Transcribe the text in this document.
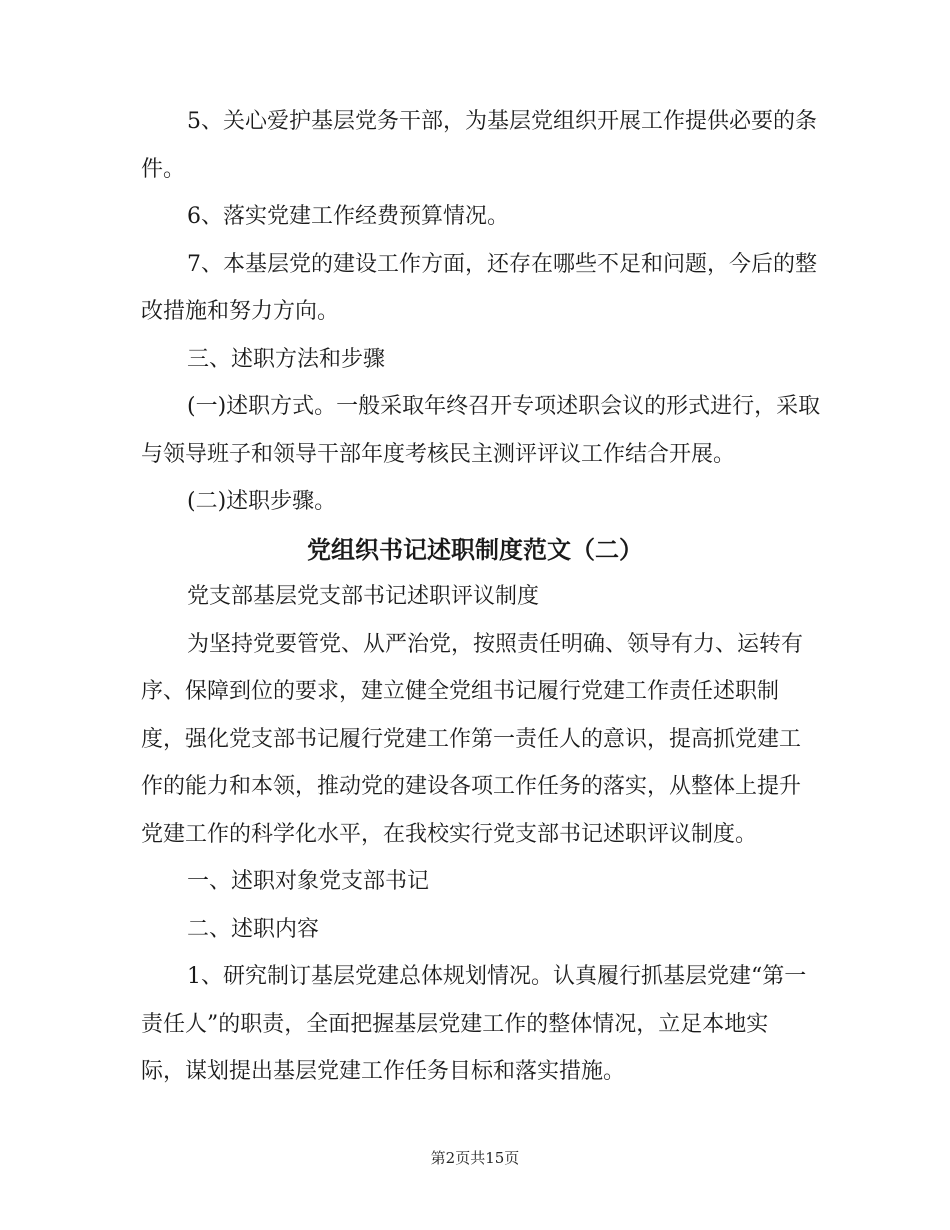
5、关心爱护基层党务干部，为基层党组织开展工作提供必要的条
件。

6、落实党建工作经费预算情况。

7、本基层党的建设工作方面，还存在哪些不足和问题，今后的整
改措施和努力方向。

三、述职方法和步骤

(一)述职方式。一般采取年终召开专项述职会议的形式进行，采取
与领导班子和领导干部年度考核民主测评评议工作结合开展。

(二)述职步骤。

党组织书记述职制度范文（二）

党支部基层党支部书记述职评议制度

为坚持党要管党、从严治党，按照责任明确、领导有力、运转有
序、保障到位的要求，建立健全党组书记履行党建工作责任述职制
度，强化党支部书记履行党建工作第一责任人的意识，提高抓党建工
作的能力和本领，推动党的建设各项工作任务的落实，从整体上提升
党建工作的科学化水平，在我校实行党支部书记述职评议制度。

一、述职对象党支部书记

二、述职内容

1、研究制订基层党建总体规划情况。认真履行抓基层党建“第一
责任人”的职责，全面把握基层党建工作的整体情况，立足本地实
际，谋划提出基层党建工作任务目标和落实措施。

第2页共15页
